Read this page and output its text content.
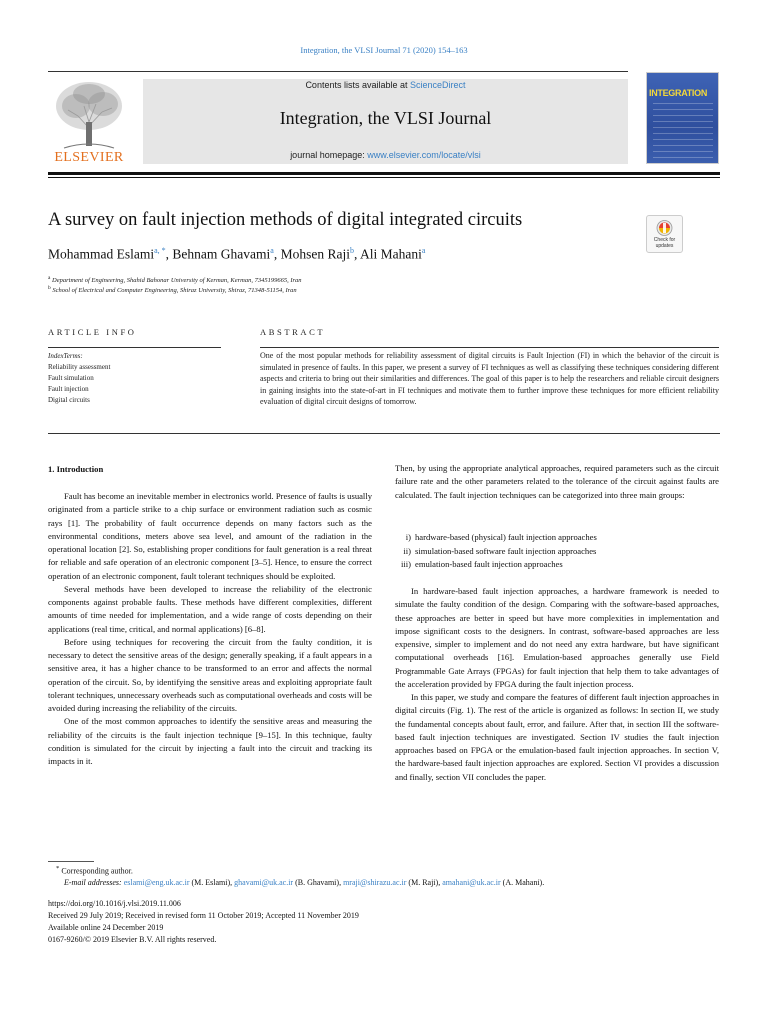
Integration, the VLSI Journal 71 (2020) 154–163
ELSEVIER
Contents lists available at ScienceDirect
Integration, the VLSI Journal
journal homepage: www.elsevier.com/locate/vlsi
INTEGRATION
A survey on fault injection methods of digital integrated circuits
Check for updates
Mohammad Eslami$^{a, *}$, Behnam Ghavami$^a$, Mohsen Raji$^b$, Ali Mahani$^a$
$^a$ Department of Engineering, Shahid Bahonar University of Kerman, Kerman, 7345199665, Iran
$^b$ School of Electrical and Computer Engineering, Shiraz University, Shiraz, 71348-51154, Iran
ARTICLE INFO
IndexTerms:
Reliability assessment
Fault simulation
Fault injection
Digital circuits
ABSTRACT
One of the most popular methods for reliability assessment of digital circuits is Fault Injection (FI) in which the behavior of the circuit is simulated in presence of faults. In this paper, we present a survey of FI techniques as well as classifying these techniques considering different aspects and criteria to bring out their similarities and differences. The goal of this paper is to help the researchers and reliable circuit designers in gaining insights into the state-of-art in FI techniques and motivate them to further improve these techniques for more efficient reliability evaluation of digital circuit designs of tomorrow.
1. Introduction

Fault has become an inevitable member in electronics world. Presence of faults is usually originated from a particle strike to a chip surface or environment radiation such as cosmic rays [1]. The probability of fault occurrence depends on many factors such as the environmental conditions, meters above sea level, and amount of the radiation in the operational location [2]. So, establishing proper conditions for fault generation is a real threat for reliable and safe operation of an electronic component [3–5]. Hence, to ensure the correct operation of an electronic component, fault tolerant techniques should be exploited.

Several methods have been developed to increase the reliability of the electronic components against probable faults. These methods have different complexities, different amounts of time needed for implementation, and a wide range of costs depending on their applications (real time, critical, and normal applications) [6–8].

Before using techniques for recovering the circuit from the faulty condition, it is necessary to detect the sensitive areas of the design; generally speaking, if a fault appears in a sensitive area, it has a higher chance to be transformed to an error and affects the normal operation of the circuit. So, by identifying the sensitive areas and exploiting appropriate fault tolerant techniques, unnecessary overheads such as computational overheads and costs will be avoided during increasing the reliability of the circuits.

One of the most common approaches to identify the sensitive areas and measuring the reliability of the circuits is the fault injection technique [9–15]. In this technique, faulty condition is simulated for the circuit by injecting a fault into the circuit and tracking its impacts in it.

Then, by using the appropriate analytical approaches, required parameters such as the circuit failure rate and the other parameters related to the tolerance of the circuit against faults are calculated. The fault injection techniques can be categorized into three main groups:

i) hardware-based (physical) fault injection approaches
ii) simulation-based software fault injection approaches
iii) emulation-based fault injection approaches

In hardware-based fault injection approaches, a hardware framework is needed to simulate the faulty condition of the design. Comparing with the software-based approaches, these approaches are better in speed but have more complexities in implementation and impose significant costs to the designers. In contrast, software-based approaches are less expensive, simpler to implement and do not need any extra hardware, but have significant computational overheads [16]. Emulation-based approaches generally use Field Programmable Gate Arrays (FPGAs) for fault injection that help them to take advantages of the acceleration provided by FPGA during the fault injection process.

In this paper, we study and compare the features of different fault injection approaches in digital circuits (Fig. 1). The rest of the article is organized as follows: In section II, we study the fundamental concepts about fault, error, and failure. After that, in section III the software-based fault injection techniques are investigated. Section IV studies the fault injection approaches based on FPGA or the emulation-based fault injection approaches. In section V, the hardware-based fault injection approaches are explored. Section VI provides a discussion and finally, section VII concludes the paper.

* Corresponding author.
E-mail addresses: eslami@eng.uk.ac.ir (M. Eslami), ghavami@uk.ac.ir (B. Ghavami), mraji@shirazu.ac.ir (M. Raji), amahani@uk.ac.ir (A. Mahani).
https://doi.org/10.1016/j.vlsi.2019.11.006
Received 29 July 2019; Received in revised form 11 October 2019; Accepted 11 November 2019
Available online 24 December 2019
0167-9260/© 2019 Elsevier B.V. All rights reserved.
